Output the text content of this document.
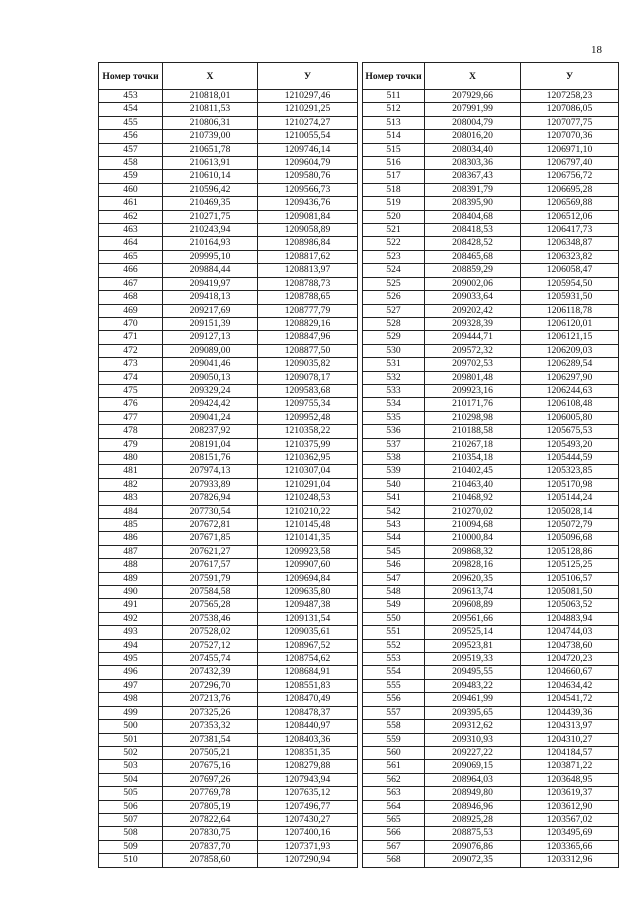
18
Номер точки	X	У
453	210818,01	1210297,46
454	210811,53	1210291,25
455	210806,31	1210274,27
456	210739,00	1210055,54
457	210651,78	1209746,14
458	210613,91	1209604,79
459	210610,14	1209580,76
460	210596,42	1209566,73
461	210469,35	1209436,76
462	210271,75	1209081,84
463	210243,94	1209058,89
464	210164,93	1208986,84
465	209995,10	1208817,62
466	209884,44	1208813,97
467	209419,97	1208788,73
468	209418,13	1208788,65
469	209217,69	1208777,79
470	209151,39	1208829,16
471	209127,13	1208847,96
472	209089,00	1208877,50
473	209041,46	1209035,82
474	209050,13	1209078,17
475	209329,24	1209583,68
476	209424,42	1209755,34
477	209041,24	1209952,48
478	208237,92	1210358,22
479	208191,04	1210375,99
480	208151,76	1210362,95
481	207974,13	1210307,04
482	207933,89	1210291,04
483	207826,94	1210248,53
484	207730,54	1210210,22
485	207672,81	1210145,48
486	207671,85	1210141,35
487	207621,27	1209923,58
488	207617,57	1209907,60
489	207591,79	1209694,84
490	207584,58	1209635,80
491	207565,28	1209487,38
492	207538,46	1209131,54
493	207528,02	1209035,61
494	207527,12	1208967,52
495	207455,74	1208754,62
496	207432,39	1208684,91
497	207296,70	1208551,83
498	207213,76	1208470,49
499	207325,26	1208478,37
500	207353,32	1208440,97
501	207381,54	1208403,36
502	207505,21	1208351,35
503	207675,16	1208279,88
504	207697,26	1207943,94
505	207769,78	1207635,12
506	207805,19	1207496,77
507	207822,64	1207430,27
508	207830,75	1207400,16
509	207837,70	1207371,93
510	207858,60	1207290,94
Номер точки	X	У
511	207929,66	1207258,23
512	207991,99	1207086,05
513	208004,79	1207077,75
514	208016,20	1207070,36
515	208034,40	1206971,10
516	208303,36	1206797,40
517	208367,43	1206756,72
518	208391,79	1206695,28
519	208395,90	1206569,88
520	208404,68	1206512,06
521	208418,53	1206417,73
522	208428,52	1206348,87
523	208465,68	1206323,82
524	208859,29	1206058,47
525	209002,06	1205954,50
526	209033,64	1205931,50
527	209202,42	1206118,78
528	209328,39	1206120,01
529	209444,71	1206121,15
530	209572,32	1206209,03
531	209702,53	1206289,54
532	209801,48	1206297,90
533	209923,16	1206244,63
534	210171,76	1206108,48
535	210298,98	1206005,80
536	210188,58	1205675,53
537	210267,18	1205493,20
538	210354,18	1205444,59
539	210402,45	1205323,85
540	210463,40	1205170,98
541	210468,92	1205144,24
542	210270,02	1205028,14
543	210094,68	1205072,79
544	210000,84	1205096,68
545	209868,32	1205128,86
546	209828,16	1205125,25
547	209620,35	1205106,57
548	209613,74	1205081,50
549	209608,89	1205063,52
550	209561,66	1204883,94
551	209525,14	1204744,03
552	209523,81	1204738,60
553	209519,33	1204720,23
554	209495,55	1204660,67
555	209483,22	1204634,42
556	209461,99	1204541,72
557	209395,65	1204439,36
558	209312,62	1204313,97
559	209310,93	1204310,27
560	209227,22	1204184,57
561	209069,15	1203871,22
562	208964,03	1203648,95
563	208949,80	1203619,37
564	208946,96	1203612,90
565	208925,28	1203567,02
566	208875,53	1203495,69
567	209076,86	1203365,66
568	209072,35	1203312,96
